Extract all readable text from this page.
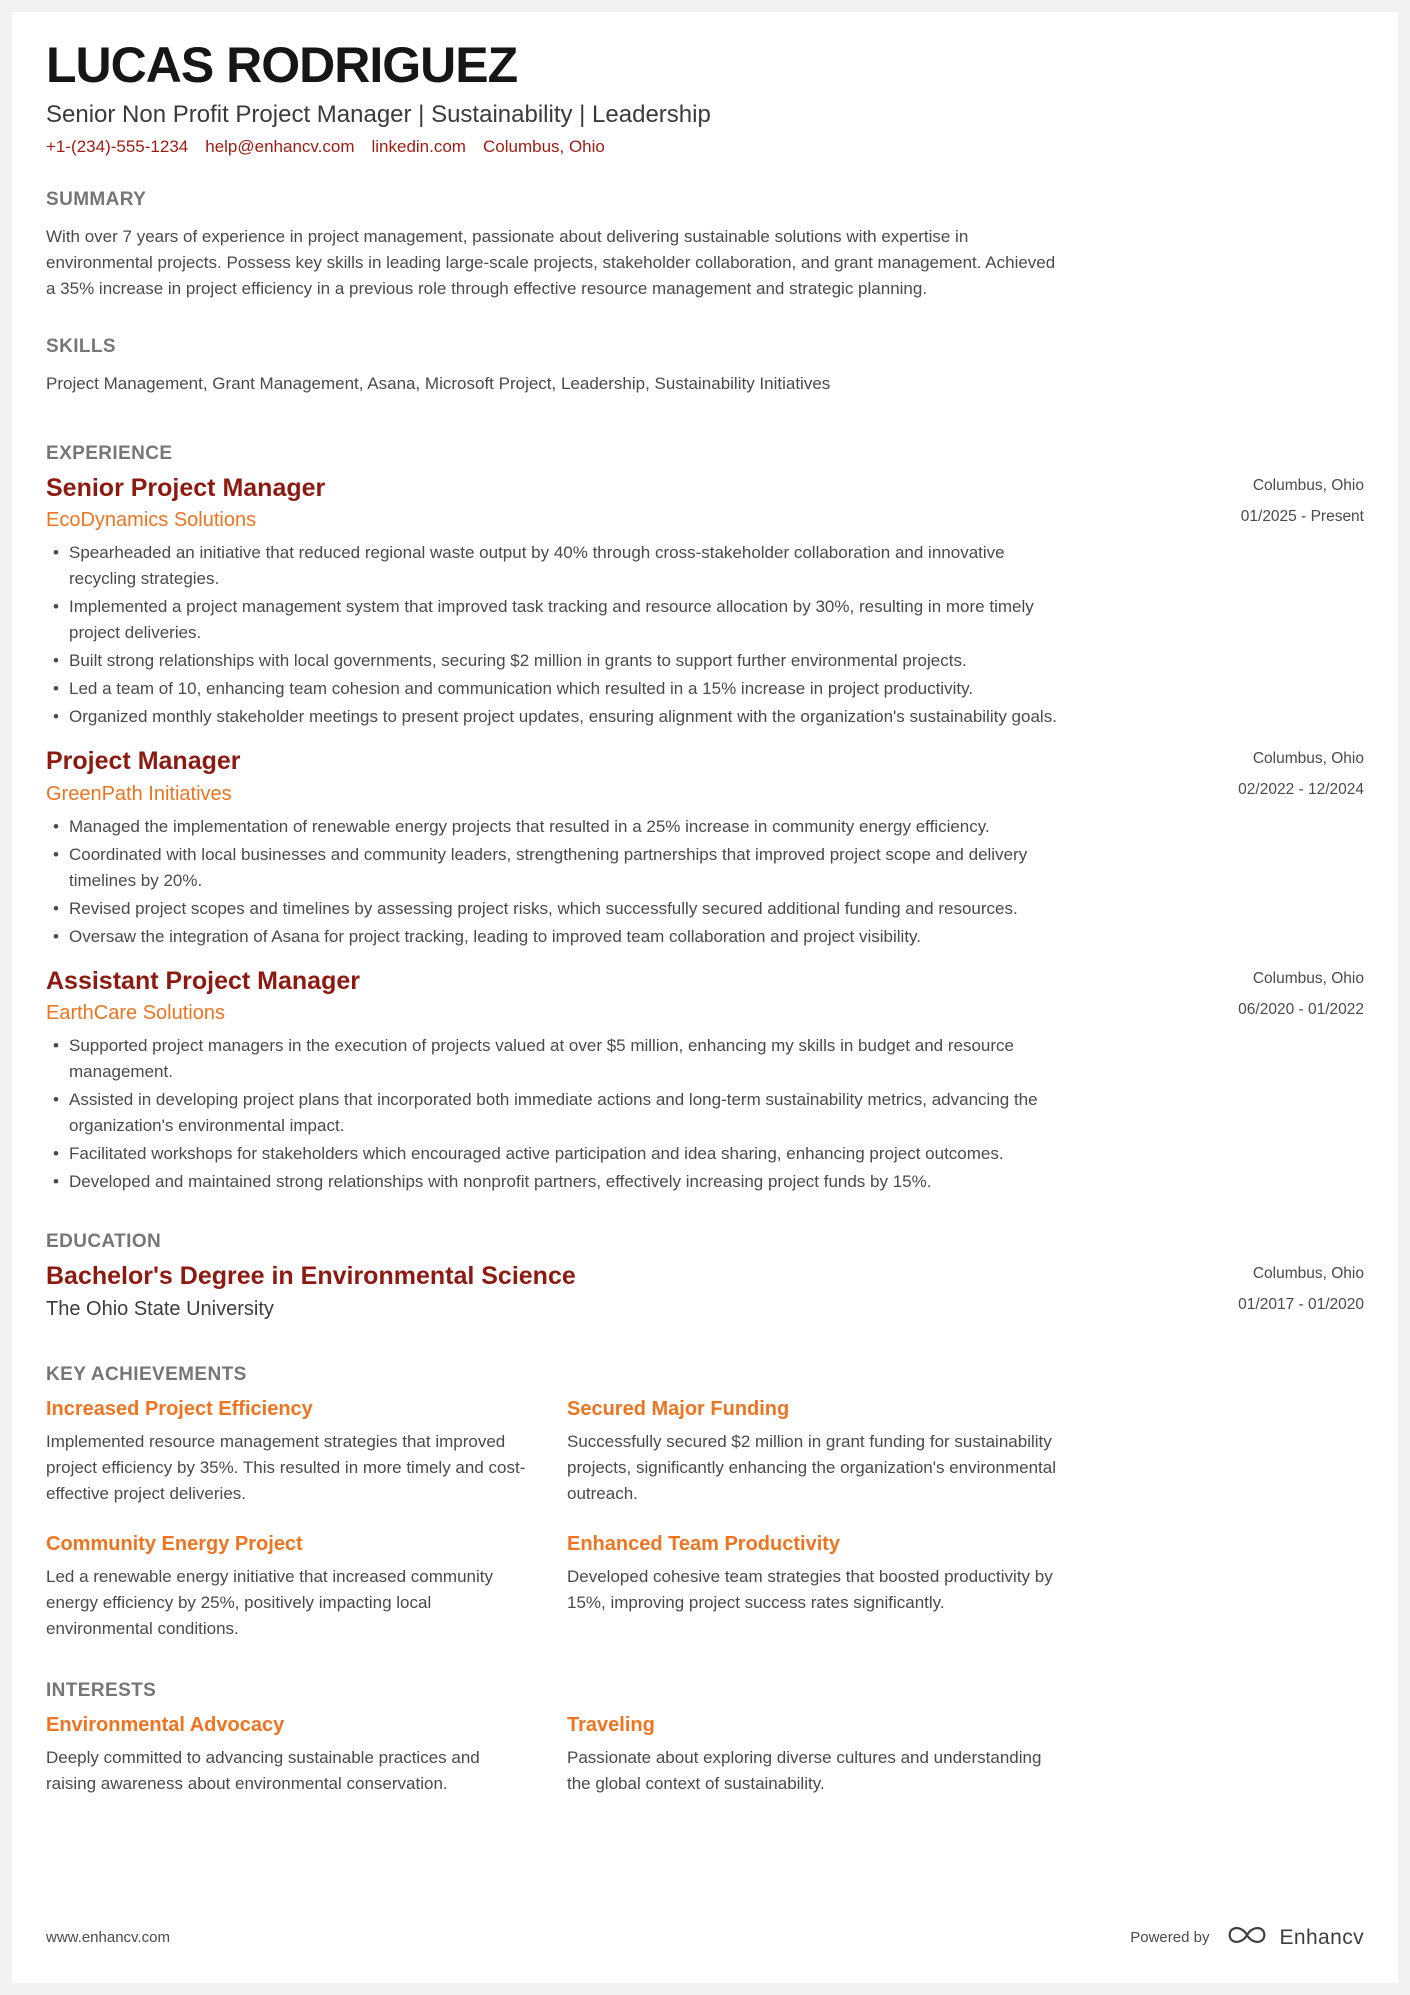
LUCAS RODRIGUEZ
Senior Non Profit Project Manager | Sustainability | Leadership
+1-(234)-555-1234 help@enhancv.com linkedin.com Columbus, Ohio
SUMMARY
With over 7 years of experience in project management, passionate about delivering sustainable solutions with expertise in environmental projects. Possess key skills in leading large-scale projects, stakeholder collaboration, and grant management. Achieved a 35% increase in project efficiency in a previous role through effective resource management and strategic planning.
SKILLS
Project Management, Grant Management, Asana, Microsoft Project, Leadership, Sustainability Initiatives
EXPERIENCE
Senior Project Manager
EcoDynamics Solutions
Columbus, Ohio
01/2025 - Present
• Spearheaded an initiative that reduced regional waste output by 40% through cross-stakeholder collaboration and innovative recycling strategies.
• Implemented a project management system that improved task tracking and resource allocation by 30%, resulting in more timely project deliveries.
• Built strong relationships with local governments, securing $2 million in grants to support further environmental projects.
• Led a team of 10, enhancing team cohesion and communication which resulted in a 15% increase in project productivity.
• Organized monthly stakeholder meetings to present project updates, ensuring alignment with the organization's sustainability goals.
Project Manager
GreenPath Initiatives
Columbus, Ohio
02/2022 - 12/2024
• Managed the implementation of renewable energy projects that resulted in a 25% increase in community energy efficiency.
• Coordinated with local businesses and community leaders, strengthening partnerships that improved project scope and delivery timelines by 20%.
• Revised project scopes and timelines by assessing project risks, which successfully secured additional funding and resources.
• Oversaw the integration of Asana for project tracking, leading to improved team collaboration and project visibility.
Assistant Project Manager
EarthCare Solutions
Columbus, Ohio
06/2020 - 01/2022
• Supported project managers in the execution of projects valued at over $5 million, enhancing my skills in budget and resource management.
• Assisted in developing project plans that incorporated both immediate actions and long-term sustainability metrics, advancing the organization's environmental impact.
• Facilitated workshops for stakeholders which encouraged active participation and idea sharing, enhancing project outcomes.
• Developed and maintained strong relationships with nonprofit partners, effectively increasing project funds by 15%.
EDUCATION
Bachelor's Degree in Environmental Science
The Ohio State University
Columbus, Ohio
01/2017 - 01/2020
KEY ACHIEVEMENTS
Increased Project Efficiency
Implemented resource management strategies that improved project efficiency by 35%. This resulted in more timely and cost-effective project deliveries.
Secured Major Funding
Successfully secured $2 million in grant funding for sustainability projects, significantly enhancing the organization's environmental outreach.
Community Energy Project
Led a renewable energy initiative that increased community energy efficiency by 25%, positively impacting local environmental conditions.
Enhanced Team Productivity
Developed cohesive team strategies that boosted productivity by 15%, improving project success rates significantly.
INTERESTS
Environmental Advocacy
Deeply committed to advancing sustainable practices and raising awareness about environmental conservation.
Traveling
Passionate about exploring diverse cultures and understanding the global context of sustainability.
www.enhancv.com	Powered by	Enhancv
